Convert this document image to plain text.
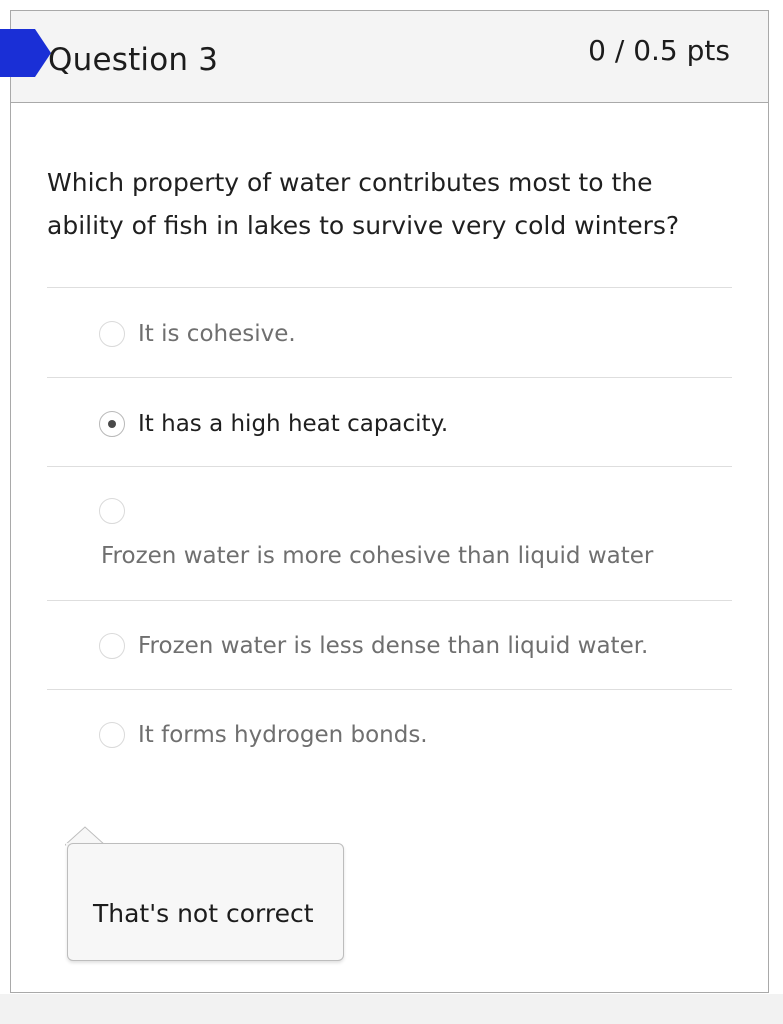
Question 3	0 / 0.5 pts
Which property of water contributes most to the
ability of fish in lakes to survive very cold winters?
It is cohesive.
It has a high heat capacity.
Frozen water is more cohesive than liquid water
Frozen water is less dense than liquid water.
It forms hydrogen bonds.
That's not correct
